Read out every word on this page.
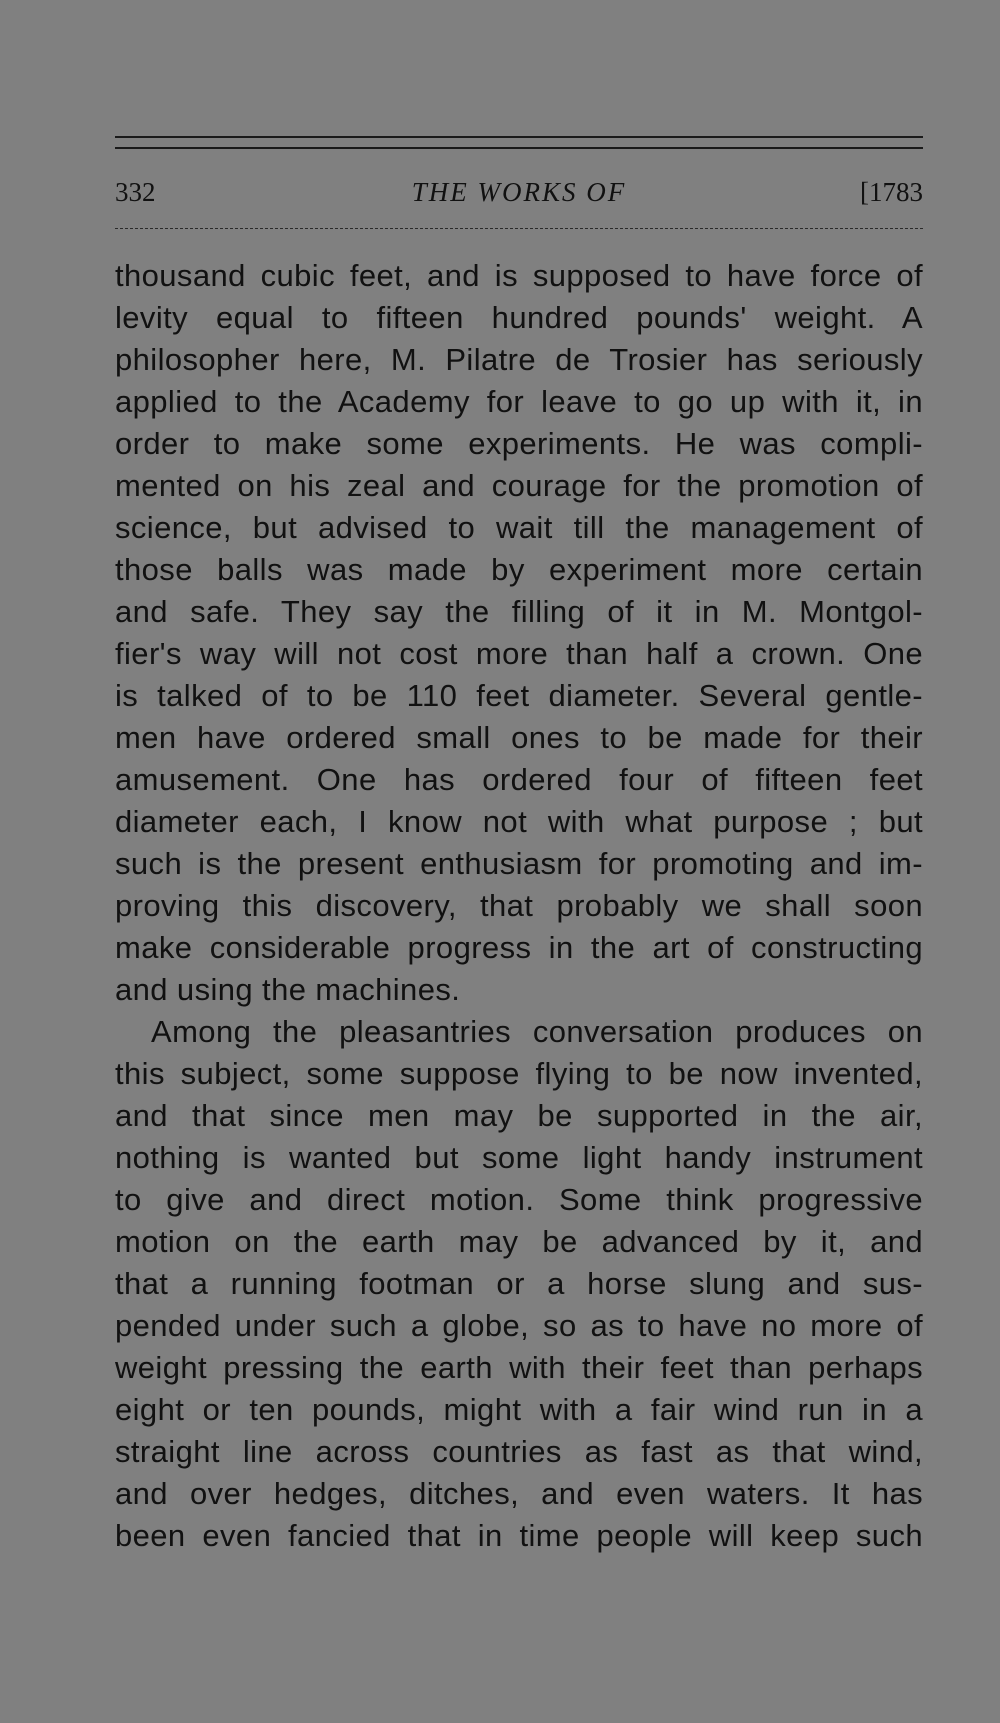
332	THE WORKS OF	[1783
thousand cubic feet, and is supposed to have force of
levity equal to fifteen hundred pounds' weight. A
philosopher here, M. Pilatre de Trosier has seriously
applied to the Academy for leave to go up with it, in
order to make some experiments. He was compli-
mented on his zeal and courage for the promotion of
science, but advised to wait till the management of
those balls was made by experiment more certain
and safe. They say the filling of it in M. Montgol-
fier's way will not cost more than half a crown. One
is talked of to be 110 feet diameter. Several gentle-
men have ordered small ones to be made for their
amusement. One has ordered four of fifteen feet
diameter each, I know not with what purpose ; but
such is the present enthusiasm for promoting and im-
proving this discovery, that probably we shall soon
make considerable progress in the art of constructing
and using the machines.
Among the pleasantries conversation produces on
this subject, some suppose flying to be now invented,
and that since men may be supported in the air,
nothing is wanted but some light handy instrument
to give and direct motion. Some think progressive
motion on the earth may be advanced by it, and
that a running footman or a horse slung and sus-
pended under such a globe, so as to have no more of
weight pressing the earth with their feet than perhaps
eight or ten pounds, might with a fair wind run in a
straight line across countries as fast as that wind,
and over hedges, ditches, and even waters. It has
been even fancied that in time people will keep such
